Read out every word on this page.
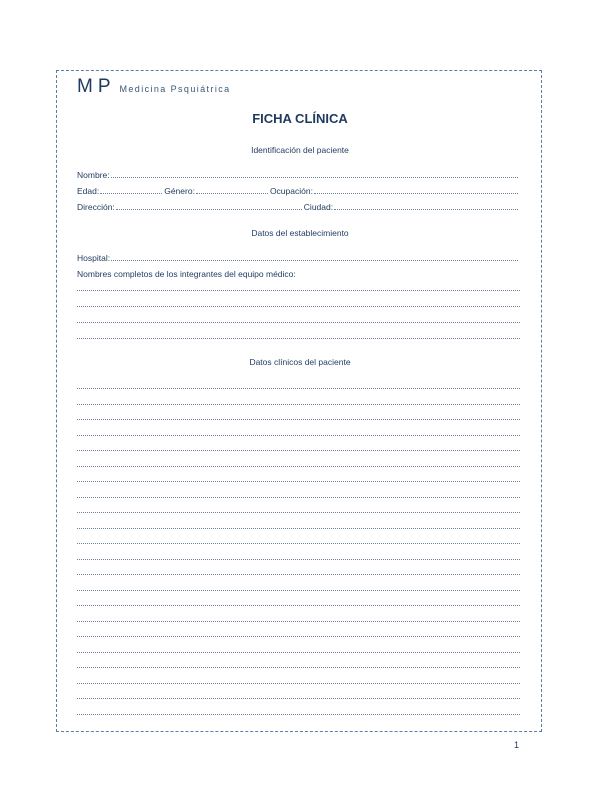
MP Medicina Psquiátrica
FICHA CLÍNICA
Identificación del paciente
Nombre:
Edad:	Género:	Ocupación:
Dirección:	Ciudad:
Datos del establecimiento
Hospital:
Nombres completos de los integrantes del equipo médico:
Datos clínicos del paciente
1
